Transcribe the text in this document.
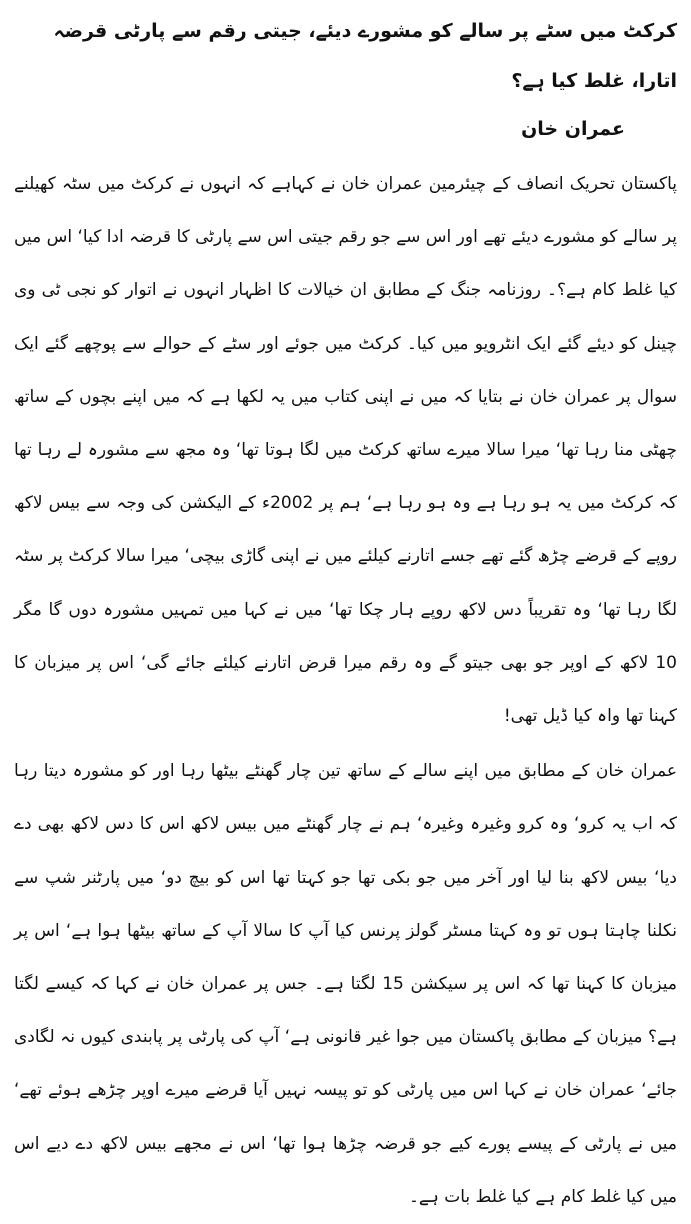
کرکٹ میں سٹے پر سالے کو مشورے دیئے، جیتی رقم سے پارٹی قرضہ اتارا، غلط کیا ہے؟
عمران خان

پاکستان تحریک انصاف کے چیئرمین عمران خان نے کہاہے کہ انہوں نے کرکٹ میں سٹہ کھیلنے پر سالے کو مشورے دیئے تھے اور اس سے جو رقم جیتی اس سے پارٹی کا قرضہ ادا کیا‘ اس میں کیا غلط کام ہے؟۔ روزنامہ جنگ کے مطابق ان خیالات کا اظہار انہوں نے اتوار کو نجی ٹی وی چینل کو دیئے گئے ایک انٹرویو میں کیا۔ کرکٹ میں جوئے اور سٹے کے حوالے سے پوچھے گئے ایک سوال پر عمران خان نے بتایا کہ میں نے اپنی کتاب میں یہ لکھا ہے کہ میں اپنے بچوں کے ساتھ چھٹی منا رہا تھا‘ میرا سالا میرے ساتھ کرکٹ میں لگا ہوتا تھا‘ وہ مجھ سے مشورہ لے رہا تھا کہ کرکٹ میں یہ ہو رہا ہے وہ ہو رہا ہے‘ ہم پر 2002ء کے الیکشن کی وجہ سے بیس لاکھ روپے کے قرضے چڑھ گئے تھے جسے اتارنے کیلئے میں نے اپنی گاڑی بیچی‘ میرا سالا کرکٹ پر سٹہ لگا رہا تھا‘ وہ تقریباً دس لاکھ روپے ہار چکا تھا‘ میں نے کہا میں تمہیں مشورہ دوں گا مگر 10 لاکھ کے اوپر جو بھی جیتو گے وہ رقم میرا قرض اتارنے کیلئے جائے گی‘ اس پر میزبان کا کہنا تھا واہ کیا ڈیل تھی!

عمران خان کے مطابق میں اپنے سالے کے ساتھ تین چار گھنٹے بیٹھا رہا اور کو مشورہ دیتا رہا کہ اب یہ کرو‘ وہ کرو وغیرہ وغیرہ‘ ہم نے چار گھنٹے میں بیس لاکھ اس کا دس لاکھ بھی دے دیا‘ بیس لاکھ بنا لیا اور آخر میں جو بکی تھا جو کہتا تھا اس کو بیچ دو‘ میں پارٹنر شپ سے نکلنا چاہتا ہوں تو وہ کہتا مسٹر گولز پرنس کیا آپ کا سالا آپ کے ساتھ بیٹھا ہوا ہے‘ اس پر میزبان کا کہنا تھا کہ اس پر سیکشن 15 لگتا ہے۔ جس پر عمران خان نے کہا کہ کیسے لگتا ہے؟ میزبان کے مطابق پاکستان میں جوا غیر قانونی ہے‘ آپ کی پارٹی پر پابندی کیوں نہ لگادی جائے‘ عمران خان نے کہا اس میں پارٹی کو تو پیسہ نہیں آیا قرضے میرے اوپر چڑھے ہوئے تھے‘ میں نے پارٹی کے پیسے پورے کیے جو قرضہ چڑھا ہوا تھا‘ اس نے مجھے بیس لاکھ دے دیے اس میں کیا غلط کام ہے کیا غلط بات ہے۔
